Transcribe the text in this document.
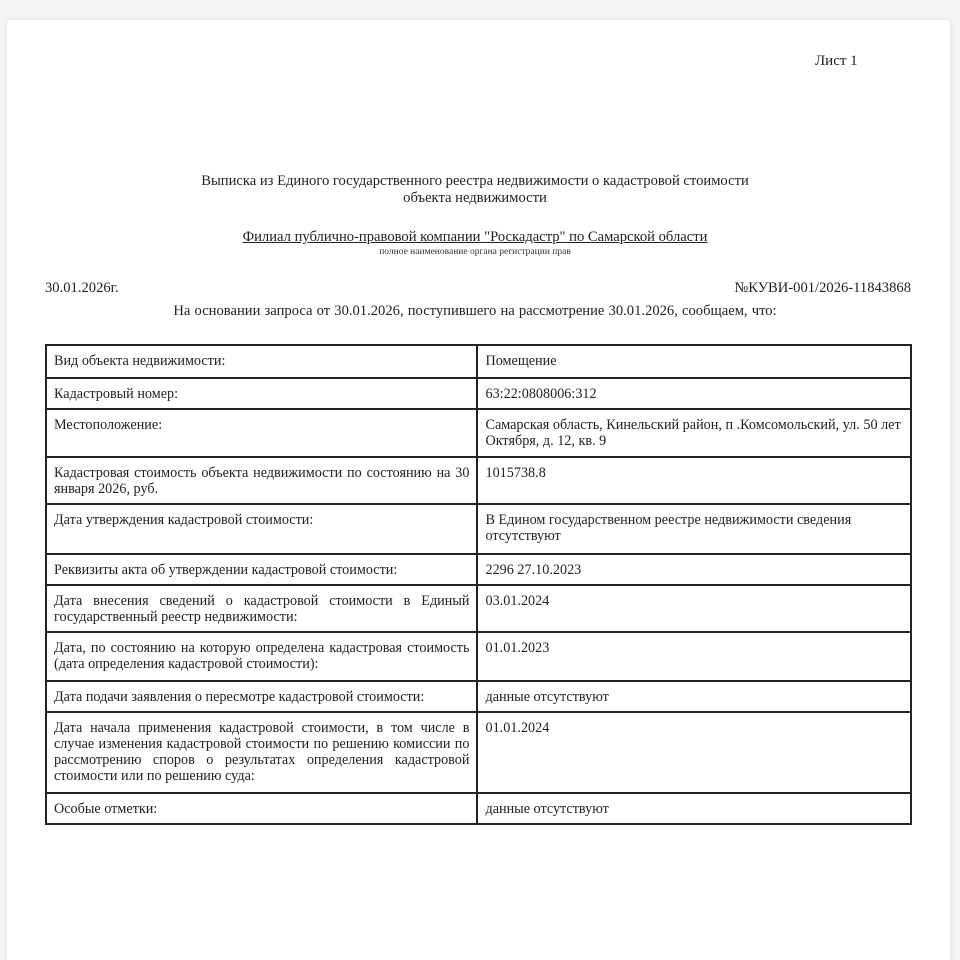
Лист 1
Выписка из Единого государственного реестра недвижимости о кадастровой стоимости
объекта недвижимости
Филиал публично-правовой компании "Роскадастр" по Самарской области
полное наименование органа регистрации прав
30.01.2026г.	№КУВИ-001/2026-11843868
На основании запроса от 30.01.2026, поступившего на рассмотрение 30.01.2026, сообщаем, что:
Вид объекта недвижимости:	Помещение
Кадастровый номер:	63:22:0808006:312
Местоположение:	Самарская область, Кинельский район, п .Комсомольский, ул. 50 лет Октября, д. 12, кв. 9
Кадастровая стоимость объекта недвижимости по состоянию на 30 января 2026, руб.	1015738.8
Дата утверждения кадастровой стоимости:	В Едином государственном реестре недвижимости сведения отсутствуют
Реквизиты акта об утверждении кадастровой стоимости:	2296 27.10.2023
Дата внесения сведений о кадастровой стоимости в Единый государственный реестр недвижимости:	03.01.2024
Дата, по состоянию на которую определена кадастровая стоимость (дата определения кадастровой стоимости):	01.01.2023
Дата подачи заявления о пересмотре кадастровой стоимости:	данные отсутствуют
Дата начала применения кадастровой стоимости, в том числе в случае изменения кадастровой стоимости по решению комиссии по рассмотрению споров о результатах определения кадастровой стоимости или по решению суда:	01.01.2024
Особые отметки:	данные отсутствуют
